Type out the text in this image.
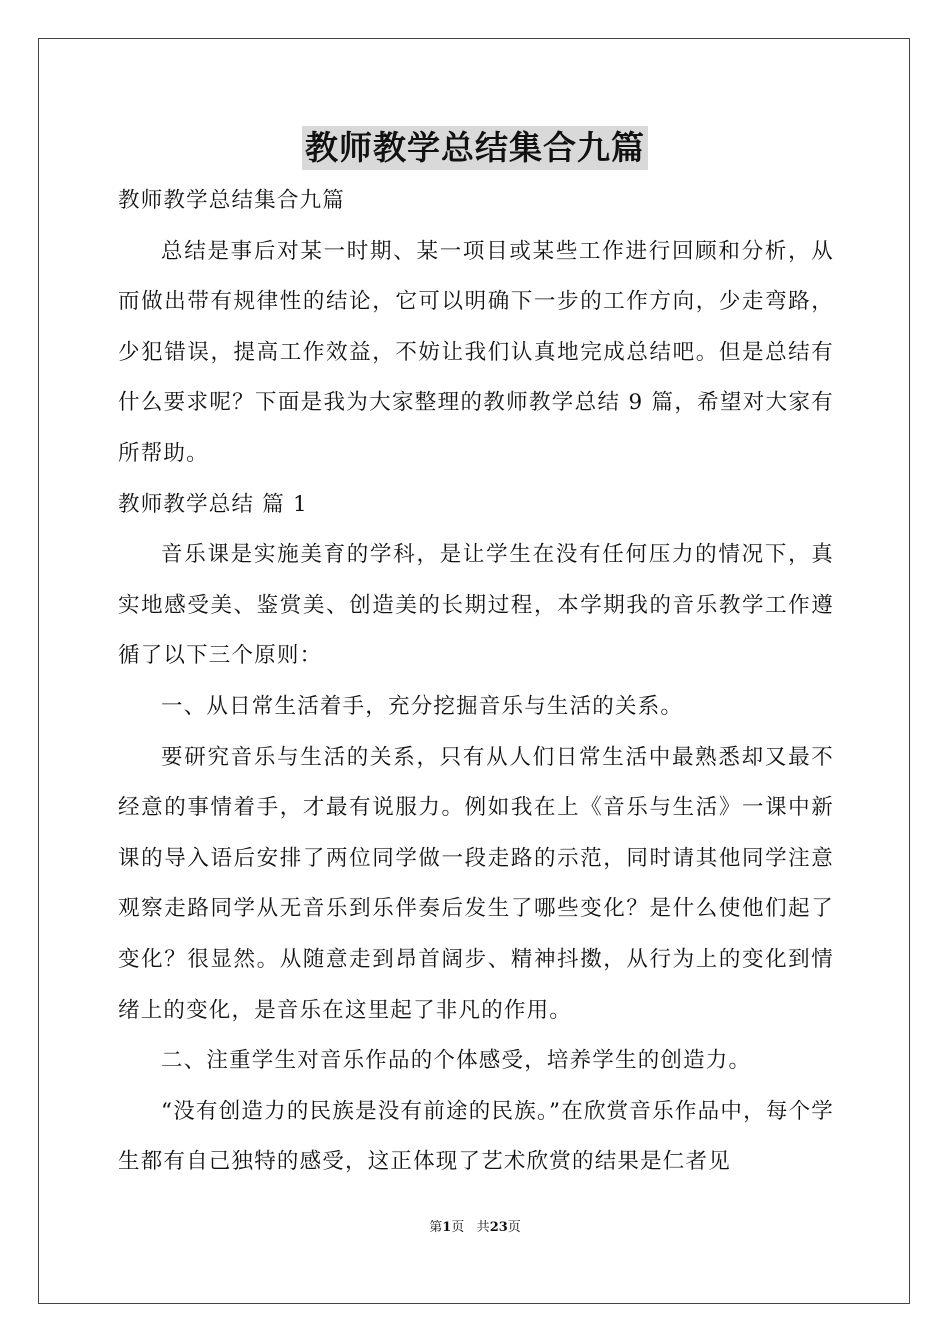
教师教学总结集合九篇

教师教学总结集合九篇

总结是事后对某一时期、某一项目或某些工作进行回顾和分析，从而做出带有规律性的结论，它可以明确下一步的工作方向，少走弯路，少犯错误，提高工作效益，不妨让我们认真地完成总结吧。但是总结有什么要求呢？下面是我为大家整理的教师教学总结 9 篇，希望对大家有所帮助。

教师教学总结 篇 1

音乐课是实施美育的学科，是让学生在没有任何压力的情况下，真实地感受美、鉴赏美、创造美的长期过程，本学期我的音乐教学工作遵循了以下三个原则：

一、从日常生活着手，充分挖掘音乐与生活的关系。

要研究音乐与生活的关系，只有从人们日常生活中最熟悉却又最不经意的事情着手，才最有说服力。例如我在上《音乐与生活》一课中新课的导入语后安排了两位同学做一段走路的示范，同时请其他同学注意观察走路同学从无音乐到乐伴奏后发生了哪些变化？是什么使他们起了变化？很显然。从随意走到昂首阔步、精神抖擞，从行为上的变化到情绪上的变化，是音乐在这里起了非凡的作用。

二、注重学生对音乐作品的个体感受，培养学生的创造力。

“没有创造力的民族是没有前途的民族。”在欣赏音乐作品中，每个学生都有自己独特的感受，这正体现了艺术欣赏的结果是仁者见

第1页 共23页
